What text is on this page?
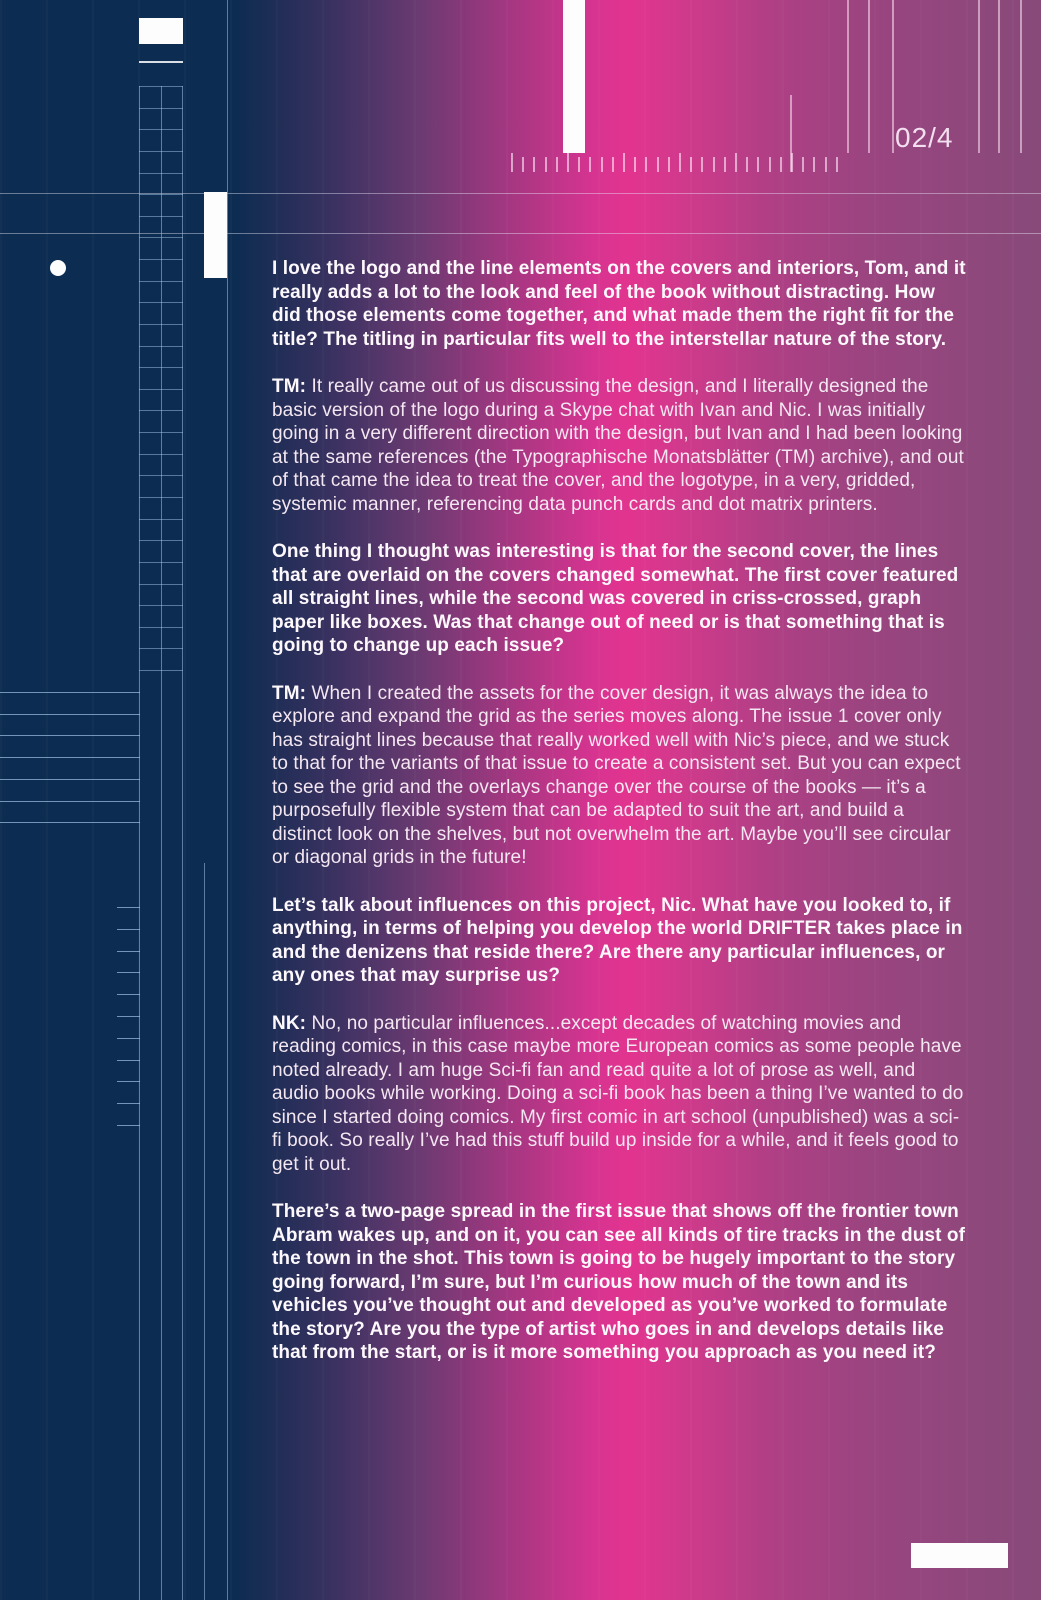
02/4

I love the logo and the line elements on the covers and interiors, Tom, and it really adds a lot to the look and feel of the book without distracting. How did those elements come together, and what made them the right fit for the title? The titling in particular fits well to the interstellar nature of the story.

TM: It really came out of us discussing the design, and I literally designed the basic version of the logo during a Skype chat with Ivan and Nic. I was initially going in a very different direction with the design, but Ivan and I had been looking at the same references (the Typographische Monatsblätter (TM) archive), and out of that came the idea to treat the cover, and the logotype, in a very, gridded, systemic manner, referencing data punch cards and dot matrix printers.

One thing I thought was interesting is that for the second cover, the lines that are overlaid on the covers changed somewhat. The first cover featured all straight lines, while the second was covered in criss-crossed, graph paper like boxes. Was that change out of need or is that something that is going to change up each issue?

TM: When I created the assets for the cover design, it was always the idea to explore and expand the grid as the series moves along. The issue 1 cover only has straight lines because that really worked well with Nic’s piece, and we stuck to that for the variants of that issue to create a consistent set. But you can expect to see the grid and the overlays change over the course of the books — it’s a purposefully flexible system that can be adapted to suit the art, and build a distinct look on the shelves, but not overwhelm the art. Maybe you’ll see circular or diagonal grids in the future!

Let’s talk about influences on this project, Nic. What have you looked to, if anything, in terms of helping you develop the world DRIFTER takes place in and the denizens that reside there? Are there any particular influences, or any ones that may surprise us?

NK: No, no particular influences...except decades of watching movies and reading comics, in this case maybe more European comics as some people have noted already. I am huge Sci-fi fan and read quite a lot of prose as well, and audio books while working. Doing a sci-fi book has been a thing I’ve wanted to do since I started doing comics. My first comic in art school (unpublished) was a sci-fi book. So really I’ve had this stuff build up inside for a while, and it feels good to get it out.

There’s a two-page spread in the first issue that shows off the frontier town Abram wakes up, and on it, you can see all kinds of tire tracks in the dust of the town in the shot. This town is going to be hugely important to the story going forward, I’m sure, but I’m curious how much of the town and its vehicles you’ve thought out and developed as you’ve worked to formulate the story? Are you the type of artist who goes in and develops details like that from the start, or is it more something you approach as you need it?
